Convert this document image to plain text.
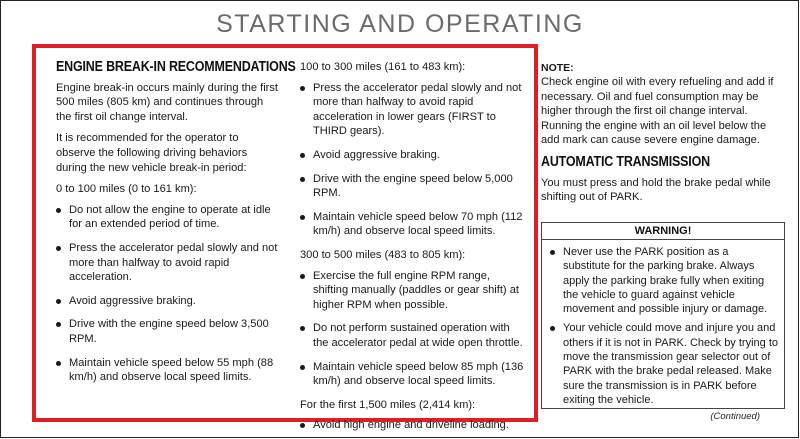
STARTING AND OPERATING
ENGINE BREAK-IN RECOMMENDATIONS

Engine break-in occurs mainly during the first 500 miles (805 km) and continues through the first oil change interval.

It is recommended for the operator to observe the following driving behaviors during the new vehicle break-in period:

0 to 100 miles (0 to 161 km):

Do not allow the engine to operate at idle for an extended period of time.
Press the accelerator pedal slowly and not more than halfway to avoid rapid acceleration.
Avoid aggressive braking.
Drive with the engine speed below 3,500 RPM.
Maintain vehicle speed below 55 mph (88 km/h) and observe local speed limits.

100 to 300 miles (161 to 483 km):

Press the accelerator pedal slowly and not more than halfway to avoid rapid acceleration in lower gears (FIRST to THIRD gears).
Avoid aggressive braking.
Drive with the engine speed below 5,000 RPM.
Maintain vehicle speed below 70 mph (112 km/h) and observe local speed limits.

300 to 500 miles (483 to 805 km):

Exercise the full engine RPM range, shifting manually (paddles or gear shift) at higher RPM when possible.
Do not perform sustained operation with the accelerator pedal at wide open throttle.
Maintain vehicle speed below 85 mph (136 km/h) and observe local speed limits.

For the first 1,500 miles (2,414 km):

Avoid high engine and driveline loading.
NOTE:

Check engine oil with every refueling and add if necessary. Oil and fuel consumption may be higher through the first oil change interval. Running the engine with an oil level below the add mark can cause severe engine damage.

AUTOMATIC TRANSMISSION

You must press and hold the brake pedal while shifting out of PARK.

WARNING!
Never use the PARK position as a substitute for the parking brake. Always apply the parking brake fully when exiting the vehicle to guard against vehicle movement and possible injury or damage.
Your vehicle could move and injure you and others if it is not in PARK. Check by trying to move the transmission gear selector out of PARK with the brake pedal released. Make sure the transmission is in PARK before exiting the vehicle.
(Continued)
